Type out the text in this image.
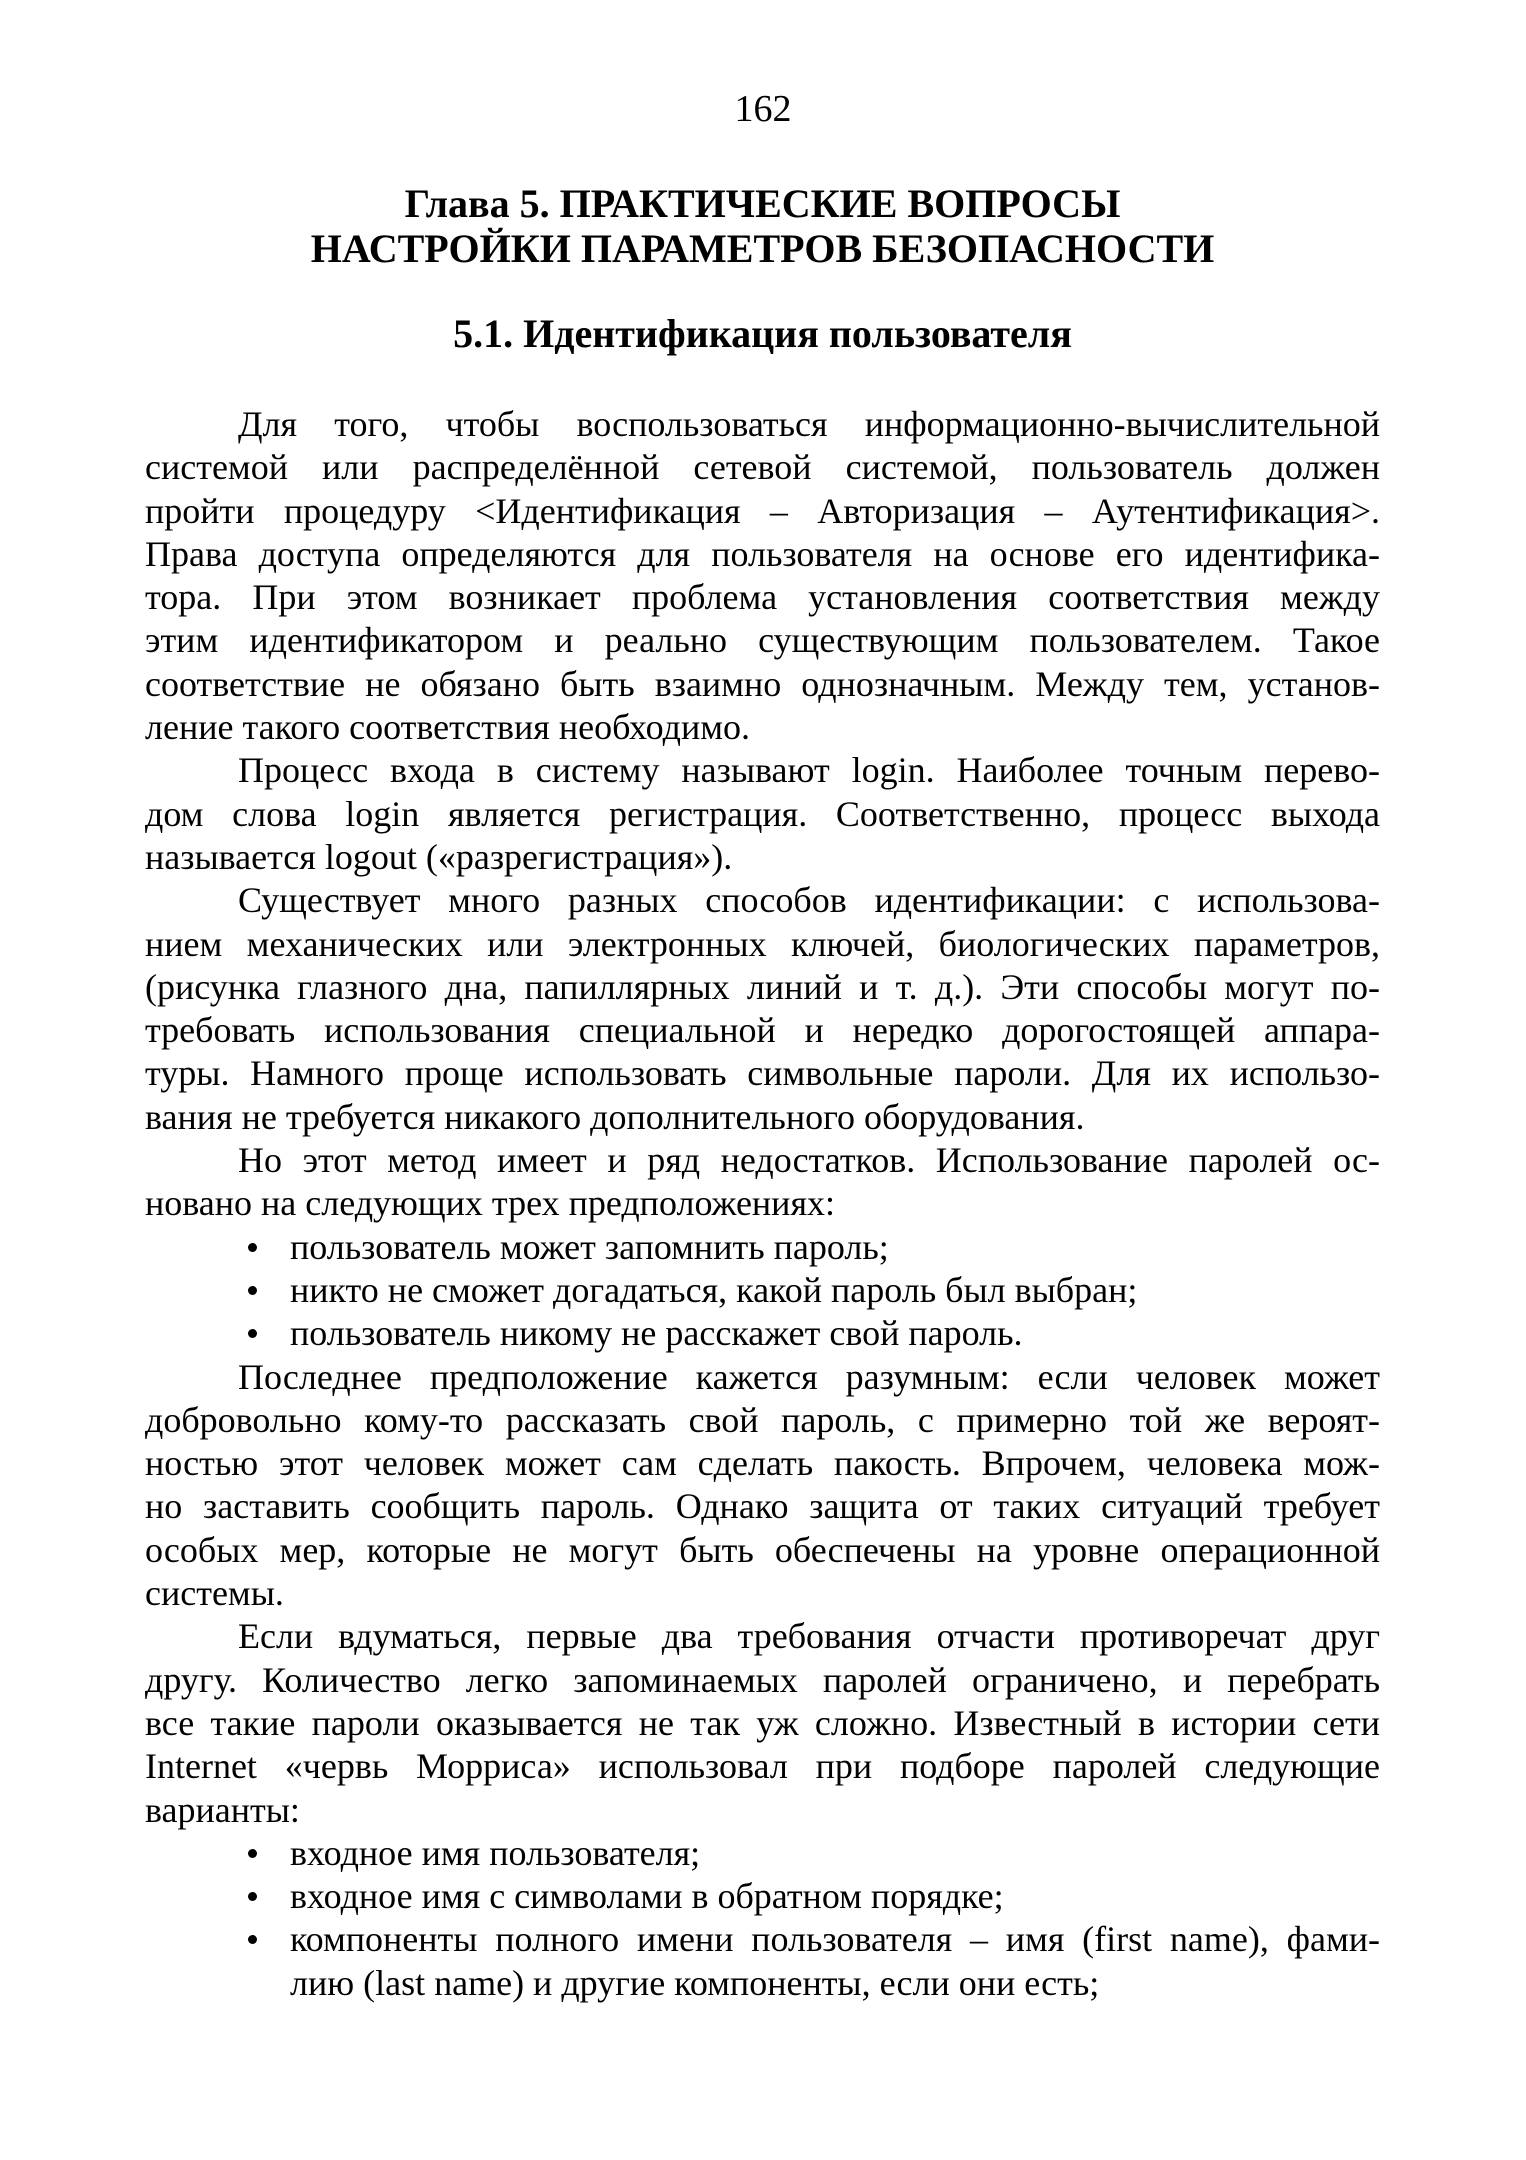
162
Глава 5. ПРАКТИЧЕСКИЕ ВОПРОСЫ
НАСТРОЙКИ ПАРАМЕТРОВ БЕЗОПАСНОСТИ
5.1. Идентификация пользователя
Для того, чтобы воспользоваться информационно-вычислительной
системой или распределённой сетевой системой, пользователь должен
пройти процедуру <Идентификация – Авторизация – Аутентификация>.
Права доступа определяются для пользователя на основе его идентифика-
тора. При этом возникает проблема установления соответствия между
этим идентификатором и реально существующим пользователем. Такое
соответствие не обязано быть взаимно однозначным. Между тем, установ-
ление такого соответствия необходимо.
Процесс входа в систему называют login. Наиболее точным перево-
дом слова login является регистрация. Соответственно, процесс выхода
называется logout («разрегистрация»).
Существует много разных способов идентификации: с использова-
нием механических или электронных ключей, биологических параметров,
(рисунка глазного дна, папиллярных линий и т. д.). Эти способы могут по-
требовать использования специальной и нередко дорогостоящей аппара-
туры. Намного проще использовать символьные пароли. Для их использо-
вания не требуется никакого дополнительного оборудования.
Но этот метод имеет и ряд недостатков. Использование паролей ос-
новано на следующих трех предположениях:
пользователь может запомнить пароль;
никто не сможет догадаться, какой пароль был выбран;
пользователь никому не расскажет свой пароль.
Последнее предположение кажется разумным: если человек может
добровольно кому-то рассказать свой пароль, с примерно той же вероят-
ностью этот человек может сам сделать пакость. Впрочем, человека мож-
но заставить сообщить пароль. Однако защита от таких ситуаций требует
особых мер, которые не могут быть обеспечены на уровне операционной
системы.
Если вдуматься, первые два требования отчасти противоречат друг
другу. Количество легко запоминаемых паролей ограничено, и перебрать
все такие пароли оказывается не так уж сложно. Известный в истории сети
Internet «червь Морриса» использовал при подборе паролей следующие
варианты:
входное имя пользователя;
входное имя с символами в обратном порядке;
компоненты полного имени пользователя – имя (first name), фами-
лию (last name) и другие компоненты, если они есть;
